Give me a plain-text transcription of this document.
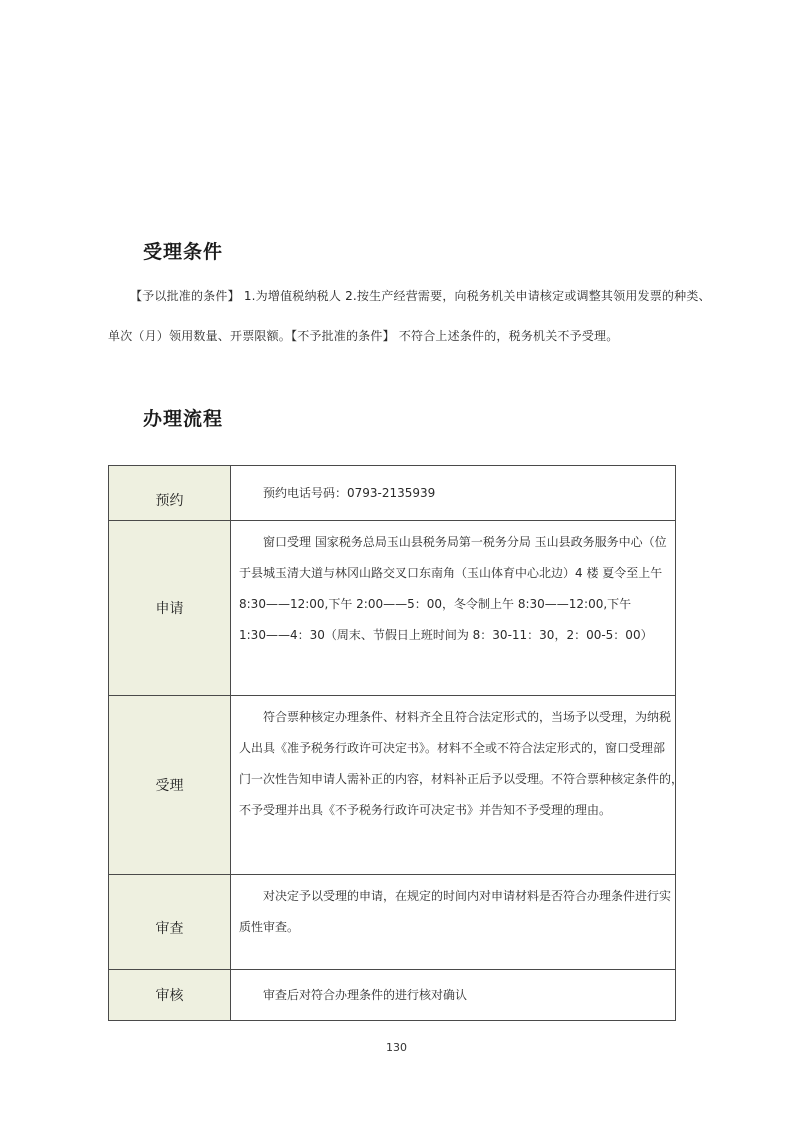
受理条件
【予以批准的条件】 1.为增值税纳税人 2.按生产经营需要，向税务机关申请核定或调整其领用发票的种类、
单次（月）领用数量、开票限额。【不予批准的条件】 不符合上述条件的，税务机关不予受理。
办理流程
预约	预约电话号码：0793-2135939

申请	窗口受理 国家税务总局玉山县税务局第一税务分局 玉山县政务服务中心（位
于县城玉清大道与林冈山路交叉口东南角（玉山体育中心北边）4 楼 夏令至上午
8:30——12:00,下午 2:00——5：00，冬令制上午 8:30——12:00,下午
1:30——4：30（周末、节假日上班时间为 8：30-11：30，2：00-5：00）

受理	符合票种核定办理条件、材料齐全且符合法定形式的，当场予以受理，为纳税
人出具《准予税务行政许可决定书》。材料不全或不符合法定形式的，窗口受理部
门一次性告知申请人需补正的内容，材料补正后予以受理。不符合票种核定条件的，
不予受理并出具《不予税务行政许可决定书》并告知不予受理的理由。

审查	对决定予以受理的申请，在规定的时间内对申请材料是否符合办理条件进行实
质性审查。

审核	审查后对符合办理条件的进行核对确认
130
